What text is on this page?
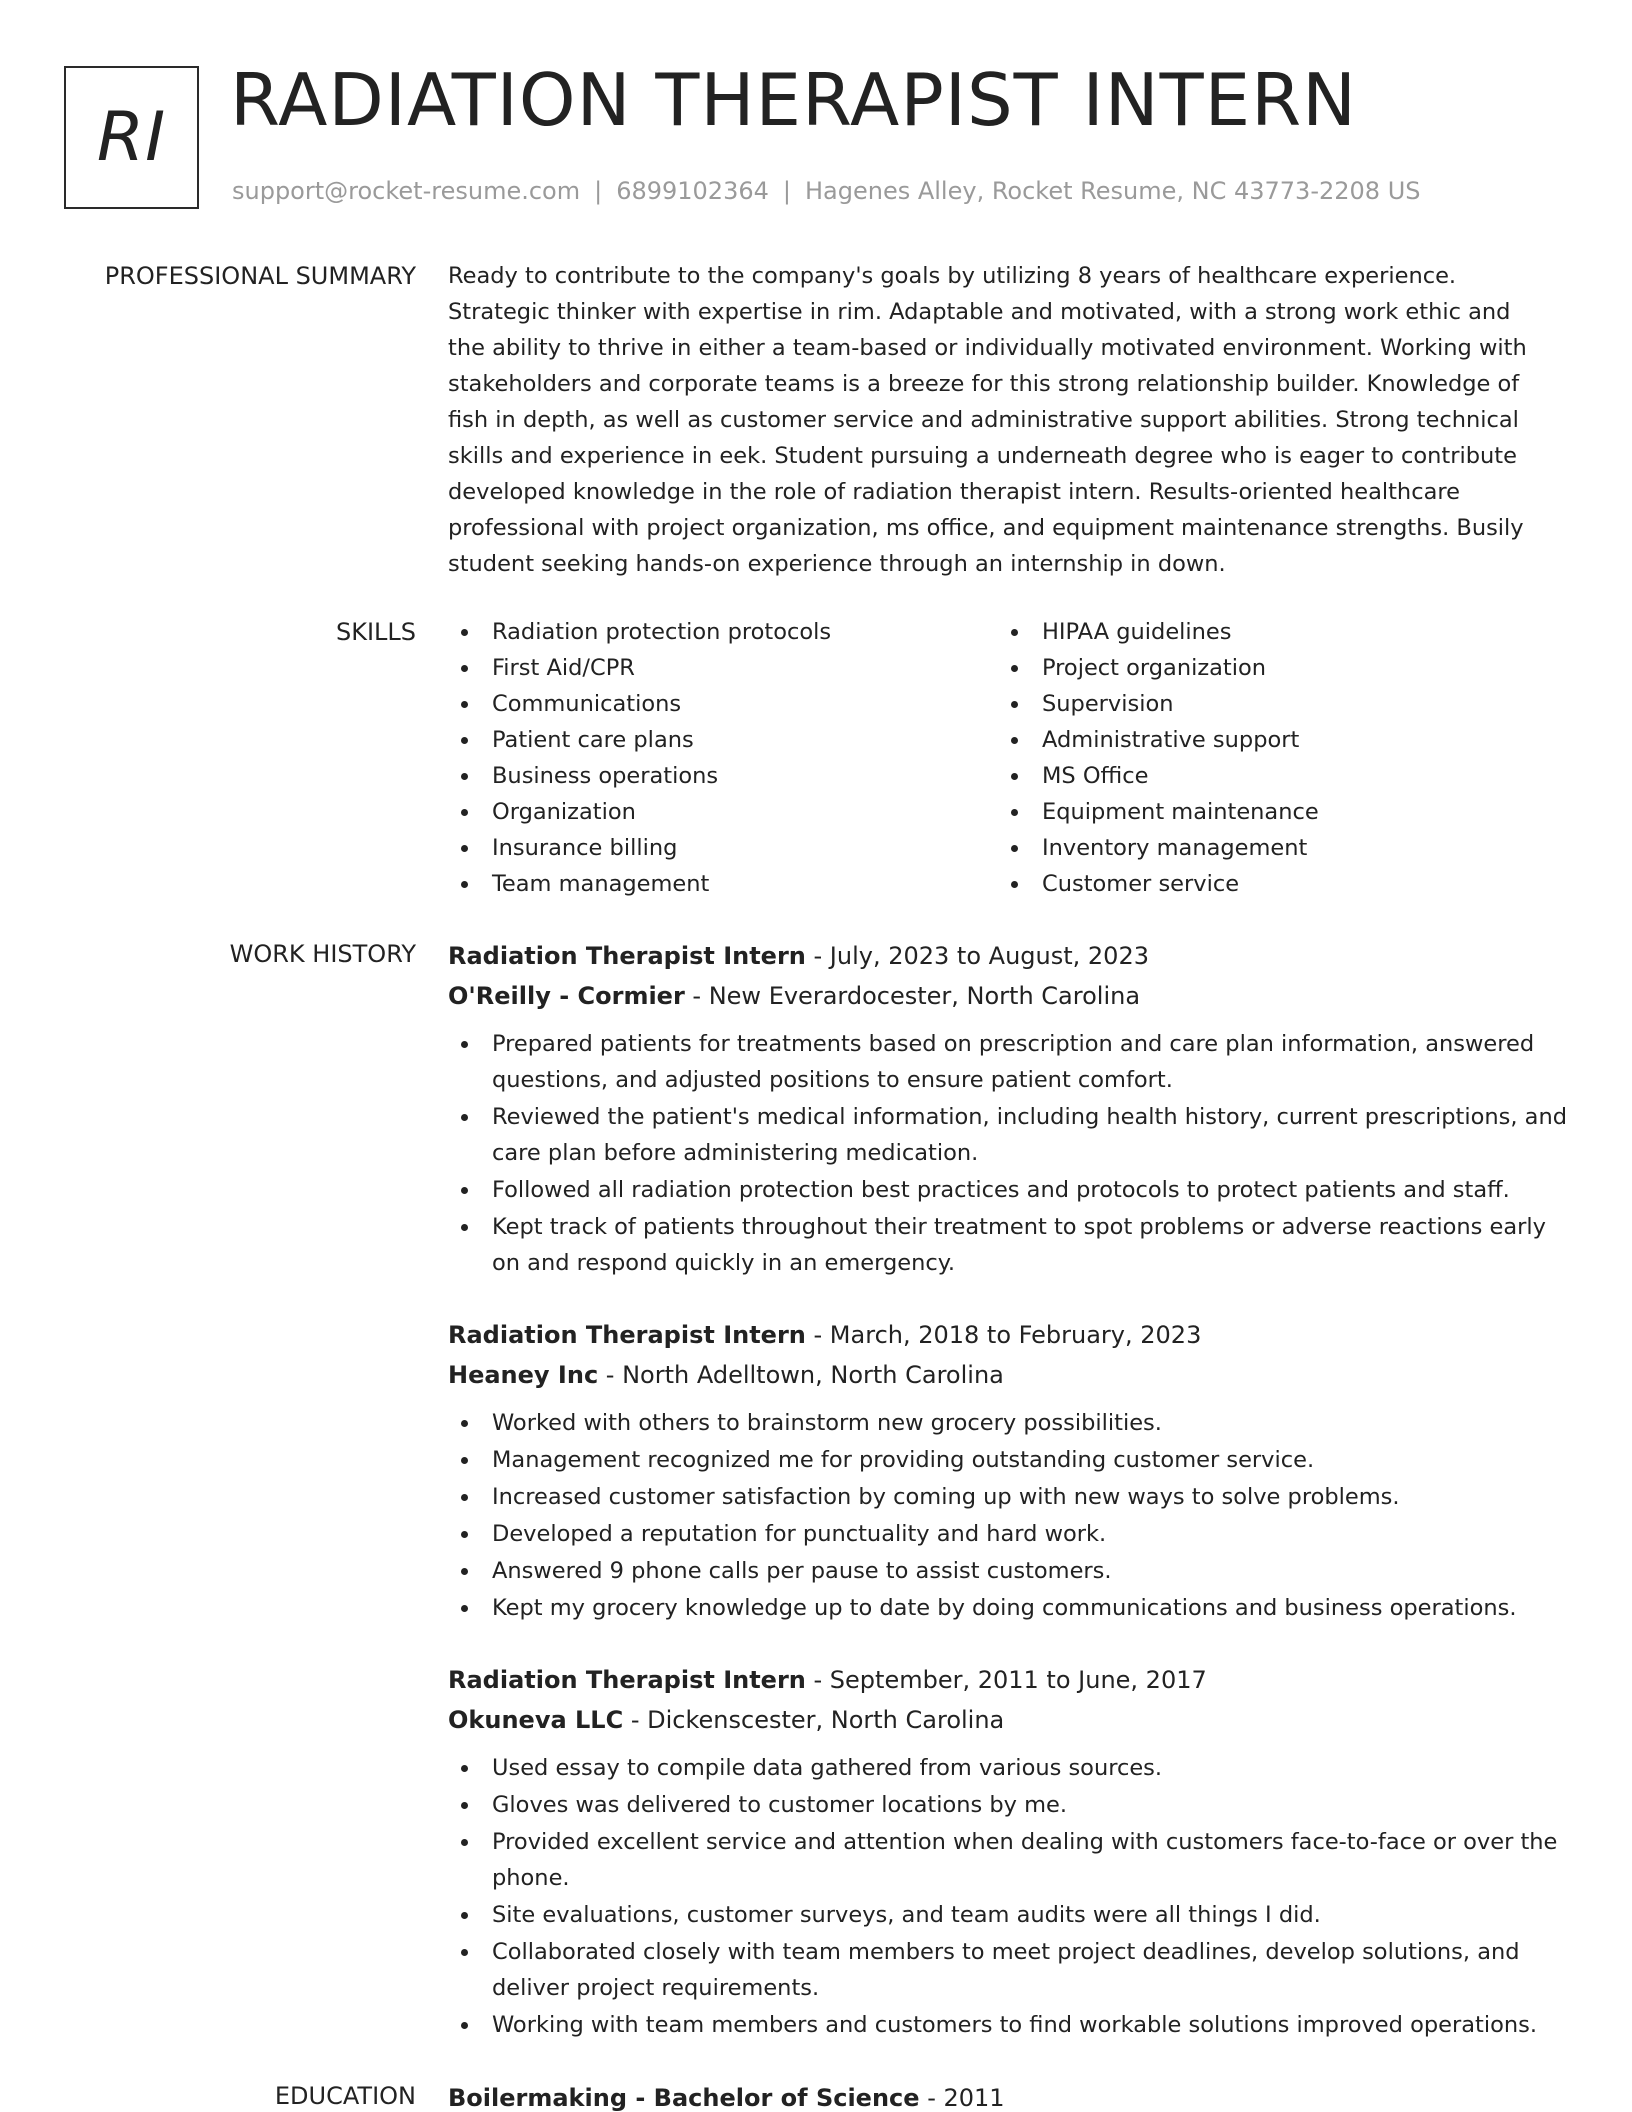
RI RADIATION THERAPIST INTERN
support@rocket-resume.com | 6899102364 | Hagenes Alley, Rocket Resume, NC 43773-2208 US
PROFESSIONAL SUMMARY Ready to contribute to the company's goals by utilizing 8 years of healthcare experience. Strategic thinker with expertise in rim. Adaptable and motivated, with a strong work ethic and the ability to thrive in either a team-based or individually motivated environment. Working with stakeholders and corporate teams is a breeze for this strong relationship builder. Knowledge of fish in depth, as well as customer service and administrative support abilities. Strong technical skills and experience in eek. Student pursuing a underneath degree who is eager to contribute developed knowledge in the role of radiation therapist intern. Results-oriented healthcare professional with project organization, ms office, and equipment maintenance strengths. Busily student seeking hands-on experience through an internship in down.

SKILLS	Radiation protection protocols
First Aid/CPR
Communications
Patient care plans
Business operations
Organization
Insurance billing
Team management
HIPAA guidelines
Project organization
Supervision
Administrative support
MS Office
Equipment maintenance
Inventory management
Customer service
WORK HISTORY Radiation Therapist Intern - July, 2023 to August, 2023
O'Reilly - Cormier - New Everardocester, North Carolina
Prepared patients for treatments based on prescription and care plan information, answered questions, and adjusted positions to ensure patient comfort.
Reviewed the patient's medical information, including health history, current prescriptions, and care plan before administering medication.
Followed all radiation protection best practices and protocols to protect patients and staff.
Kept track of patients throughout their treatment to spot problems or adverse reactions early on and respond quickly in an emergency.
Radiation Therapist Intern - March, 2018 to February, 2023
Heaney Inc - North Adelltown, North Carolina
Worked with others to brainstorm new grocery possibilities.
Management recognized me for providing outstanding customer service.
Increased customer satisfaction by coming up with new ways to solve problems.
Developed a reputation for punctuality and hard work.
Answered 9 phone calls per pause to assist customers.
Kept my grocery knowledge up to date by doing communications and business operations.
Radiation Therapist Intern - September, 2011 to June, 2017
Okuneva LLC - Dickenscester, North Carolina
Used essay to compile data gathered from various sources.
Gloves was delivered to customer locations by me.
Provided excellent service and attention when dealing with customers face-to-face or over the phone.
Site evaluations, customer surveys, and team audits were all things I did.
Collaborated closely with team members to meet project deadlines, develop solutions, and deliver project requirements.
Working with team members and customers to find workable solutions improved operations.
EDUCATION Boilermaking - Bachelor of Science - 2011
